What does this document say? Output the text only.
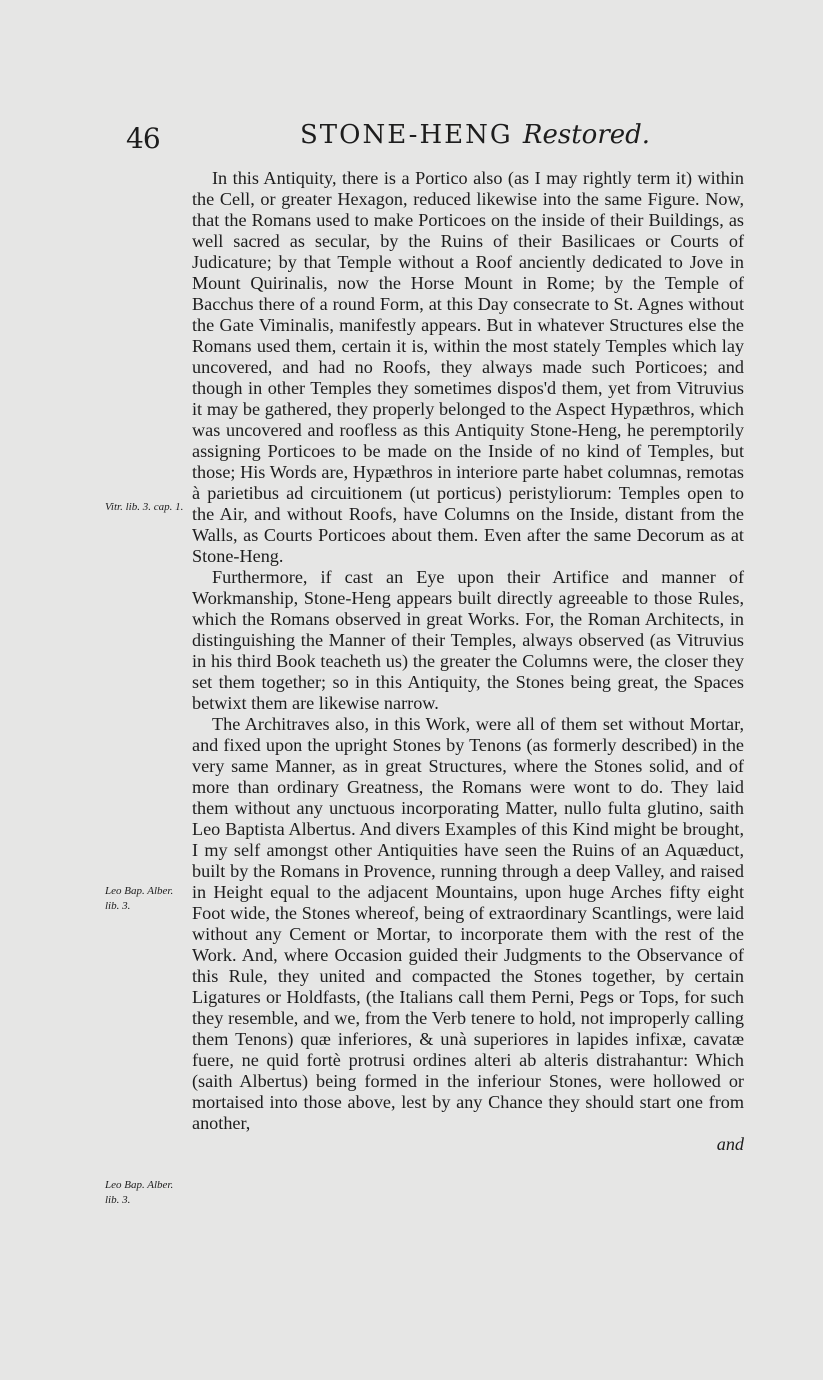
46	STONE-HENG Restored.

In this Antiquity, there is a Portico also (as I may rightly term it) within the Cell, or greater Hexagon, reduced likewise into the same Figure. Now, that the Romans used to make Porticoes on the inside of their Buildings, as well sacred as secular, by the Ruins of their Basilicaes or Courts of Judicature; by that Temple without a Roof anciently dedicated to Jove in Mount Quirinalis, now the Horse Mount in Rome; by the Temple of Bacchus there of a round Form, at this Day consecrate to St. Agnes without the Gate Viminalis, manifestly appears. But in whatever Structures else the Romans used them, certain it is, within the most stately Temples which lay uncovered, and had no Roofs, they always made such Porticoes; and though in other Temples they sometimes dispos'd them, yet from Vitruvius it may be gathered, they properly belonged to the Aspect Hypæthros, which was uncovered and roofless as this Antiquity Stone-Heng, he peremptorily assigning Porticoes to be made on the Inside of no kind of Temples, but those; His Words are, Hypæthros in interiore parte habet columnas, remotas à parietibus ad circuitionem (ut porticus) peristyliorum: Temples open to the Air, and without Roofs, have Columns on the Inside, distant from the Walls, as Courts Porticoes about them. Even after the same Decorum as at Stone-Heng.

Furthermore, if cast an Eye upon their Artifice and manner of Workmanship, Stone-Heng appears built directly agreeable to those Rules, which the Romans observed in great Works. For, the Roman Architects, in distinguishing the Manner of their Temples, always observed (as Vitruvius in his third Book teacheth us) the greater the Columns were, the closer they set them together; so in this Antiquity, the Stones being great, the Spaces betwixt them are likewise narrow.

The Architraves also, in this Work, were all of them set without Mortar, and fixed upon the upright Stones by Tenons (as formerly described) in the very same Manner, as in great Structures, where the Stones solid, and of more than ordinary Greatness, the Romans were wont to do. They laid them without any unctuous incorporating Matter, nullo fulta glutino, saith Leo Baptista Albertus. And divers Examples of this Kind might be brought, I my self amongst other Antiquities have seen the Ruins of an Aquæduct, built by the Romans in Provence, running through a deep Valley, and raised in Height equal to the adjacent Mountains, upon huge Arches fifty eight Foot wide, the Stones whereof, being of extraordinary Scantlings, were laid without any Cement or Mortar, to incorporate them with the rest of the Work. And, where Occasion guided their Judgments to the Observance of this Rule, they united and compacted the Stones together, by certain Ligatures or Holdfasts, (the Italians call them Perni, Pegs or Tops, for such they resemble, and we, from the Verb tenere to hold, not improperly calling them Tenons) quæ inferiores, & unà superiores in lapides infixæ, cavatæ fuere, ne quid fortè protrusi ordines alteri ab alteris distrahantur: Which (saith Albertus) being formed in the inferiour Stones, were hollowed or mortaised into those above, lest by any Chance they should start one from another,

and
Vitr. lib. 3. cap. 1.
Leo Bap. Alber. lib. 3.
Leo Bap. Alber. lib. 3.
